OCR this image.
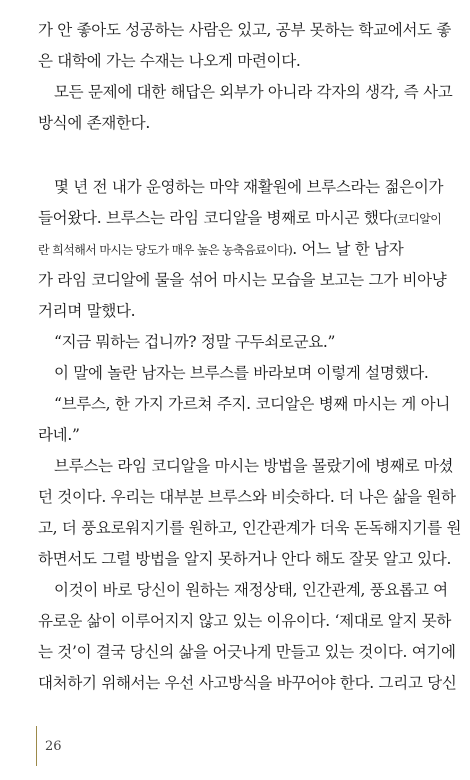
가 안 좋아도 성공하는 사람은 있고, 공부 못하는 학교에서도 좋
은 대학에 가는 수재는 나오게 마련이다.
모든 문제에 대한 해답은 외부가 아니라 각자의 생각, 즉 사고
방식에 존재한다.
몇 년 전 내가 운영하는 마약 재활원에 브루스라는 젊은이가
들어왔다. 브루스는 라임 코디알을 병째로 마시곤 했다(코디알이
란 희석해서 마시는 당도가 매우 높은 농축음료이다). 어느 날 한 남자
가 라임 코디알에 물을 섞어 마시는 모습을 보고는 그가 비아냥
거리며 말했다.
“지금 뭐하는 겁니까? 정말 구두쇠로군요.”
이 말에 놀란 남자는 브루스를 바라보며 이렇게 설명했다.
“브루스, 한 가지 가르쳐 주지. 코디알은 병째 마시는 게 아니
라네.”
브루스는 라임 코디알을 마시는 방법을 몰랐기에 병째로 마셨
던 것이다. 우리는 대부분 브루스와 비슷하다. 더 나은 삶을 원하
고, 더 풍요로워지기를 원하고, 인간관계가 더욱 돈독해지기를 원
하면서도 그럴 방법을 알지 못하거나 안다 해도 잘못 알고 있다.
이것이 바로 당신이 원하는 재정상태, 인간관계, 풍요롭고 여
유로운 삶이 이루어지지 않고 있는 이유이다. ‘제대로 알지 못하
는 것’이 결국 당신의 삶을 어긋나게 만들고 있는 것이다. 여기에
대처하기 위해서는 우선 사고방식을 바꾸어야 한다. 그리고 당신
26
